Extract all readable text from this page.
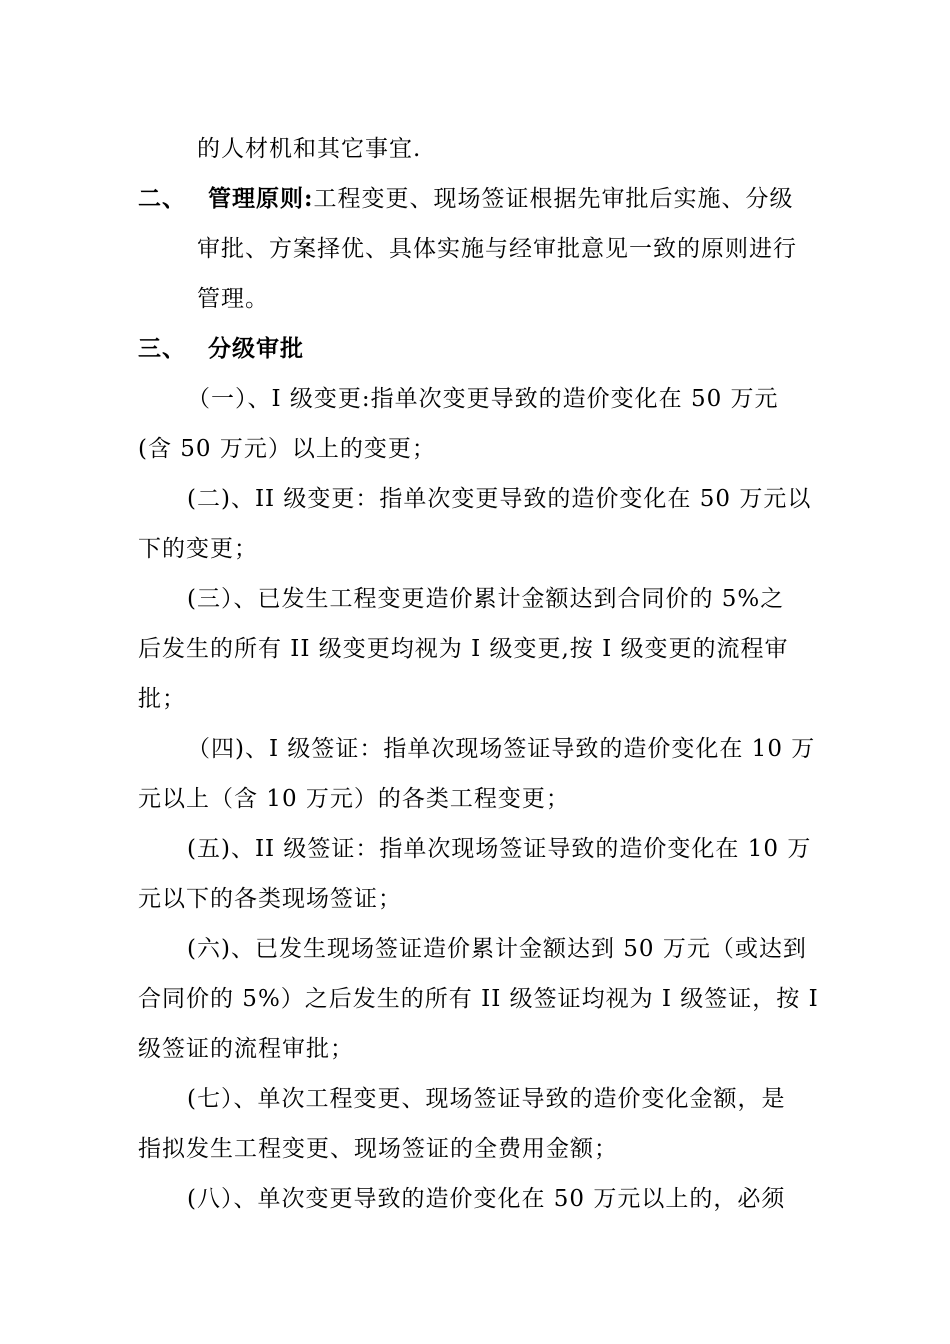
的人材机和其它事宜.
二、 管理原则:工程变更、现场签证根据先审批后实施、分级
审批、方案择优、具体实施与经审批意见一致的原则进行
管理。
三、 分级审批
（一）、I 级变更:指单次变更导致的造价变化在 50 万元
(含 50 万元）以上的变更；
(二)、II 级变更：指单次变更导致的造价变化在 50 万元以
下的变更；
(三）、已发生工程变更造价累计金额达到合同价的 5%之
后发生的所有 II 级变更均视为 I 级变更,按 I 级变更的流程审
批；
（四)、I 级签证：指单次现场签证导致的造价变化在 10 万
元以上（含 10 万元）的各类工程变更；
(五)、II 级签证：指单次现场签证导致的造价变化在 10 万
元以下的各类现场签证；
(六)、已发生现场签证造价累计金额达到 50 万元（或达到
合同价的 5%）之后发生的所有 II 级签证均视为 I 级签证，按 I
级签证的流程审批；
(七）、单次工程变更、现场签证导致的造价变化金额，是
指拟发生工程变更、现场签证的全费用金额；
(八）、单次变更导致的造价变化在 50 万元以上的，必须
